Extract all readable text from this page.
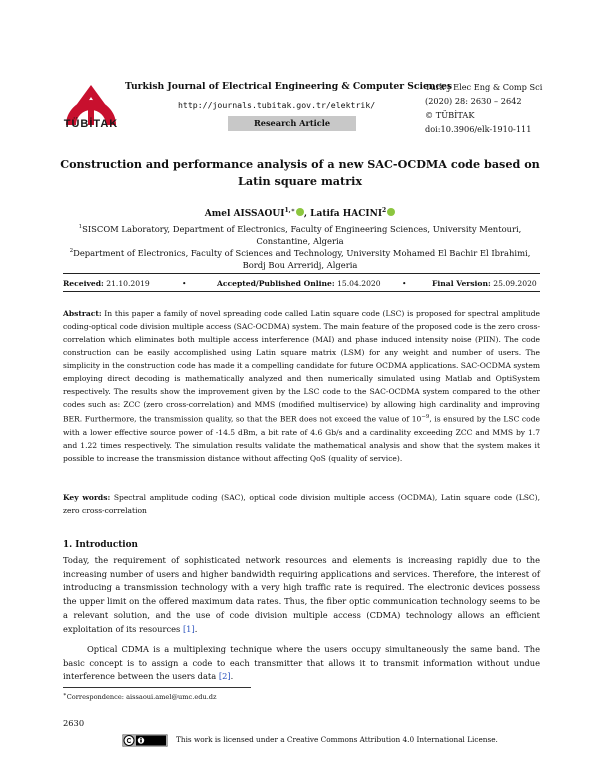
TÜBİTAK
Turkish Journal of Electrical Engineering & Computer Sciences
http://journals.tubitak.gov.tr/elektrik/
Research Article
Turk J Elec Eng & Comp Sci
(2020) 28: 2630 – 2642
© TÜBİTAK
doi:10.3906/elk-1910-111
Construction and performance analysis of a new SAC-OCDMA code based on
Latin square matrix
Amel $AISSAOUI^{1,∗}$ , Latifa HACINI$^2$
$^1$SISCOM Laboratory, Department of Electronics, Faculty of Engineering Sciences, University Mentouri,
Constantine, Algeria
$^2$Department of Electronics, Faculty of Sciences and Technology, University Mohamed El Bachir El Ibrahimi,
Bordj Bou Arreridj, Algeria
Received: 21.10.2019	•	Accepted/Published Online: 15.04.2020	•	Final Version: 25.09.2020
Abstract: In this paper a family of novel spreading code called Latin square code (LSC) is proposed for spectral amplitude coding-optical code division multiple access (SAC-OCDMA) system. The main feature of the proposed code is the zero cross-correlation which eliminates both multiple access interference (MAI) and phase induced intensity noise (PIIN). The code construction can be easily accomplished using Latin square matrix (LSM) for any weight and number of users. The simplicity in the construction code has made it a compelling candidate for future OCDMA applications. SAC-OCDMA system employing direct decoding is mathematically analyzed and then numerically simulated using Matlab and OptiSystem respectively. The results show the improvement given by the LSC code to the SAC-OCDMA system compared to the other codes such as: ZCC (zero cross-correlation) and MMS (modified multiservice) by allowing high cardinality and improving BER. Furthermore, the transmission quality, so that the BER does not exceed the value of $10^{-9}$, is ensured by the LSC code with a lower effective source power of -14.5 dBm, a bit rate of 4.6 Gb/s and a cardinality exceeding ZCC and MMS by 1.7 and 1.22 times respectively. The simulation results validate the mathematical analysis and show that the system makes it possible to increase the transmission distance without affecting QoS (quality of service).
Key words: Spectral amplitude coding (SAC), optical code division multiple access (OCDMA), Latin square code (LSC), zero cross-correlation
1. Introduction
Today, the requirement of sophisticated network resources and elements is increasing rapidly due to the increasing number of users and higher bandwidth requiring applications and services. Therefore, the interest of introducing a transmission technology with a very high traffic rate is required. The electronic devices possess the upper limit on the offered maximum data rates. Thus, the fiber optic communication technology seems to be a relevant solution, and the use of code division multiple access (CDMA) technology allows an efficient exploitation of its resources [1].
Optical CDMA is a multiplexing technique where the users occupy simultaneously the same band. The basic concept is to assign a code to each transmitter that allows it to transmit information without undue interference between the users data [2].
∗Correspondence: aissaoui.amel@umc.edu.dz
2630
This work is licensed under a Creative Commons Attribution 4.0 International License.
